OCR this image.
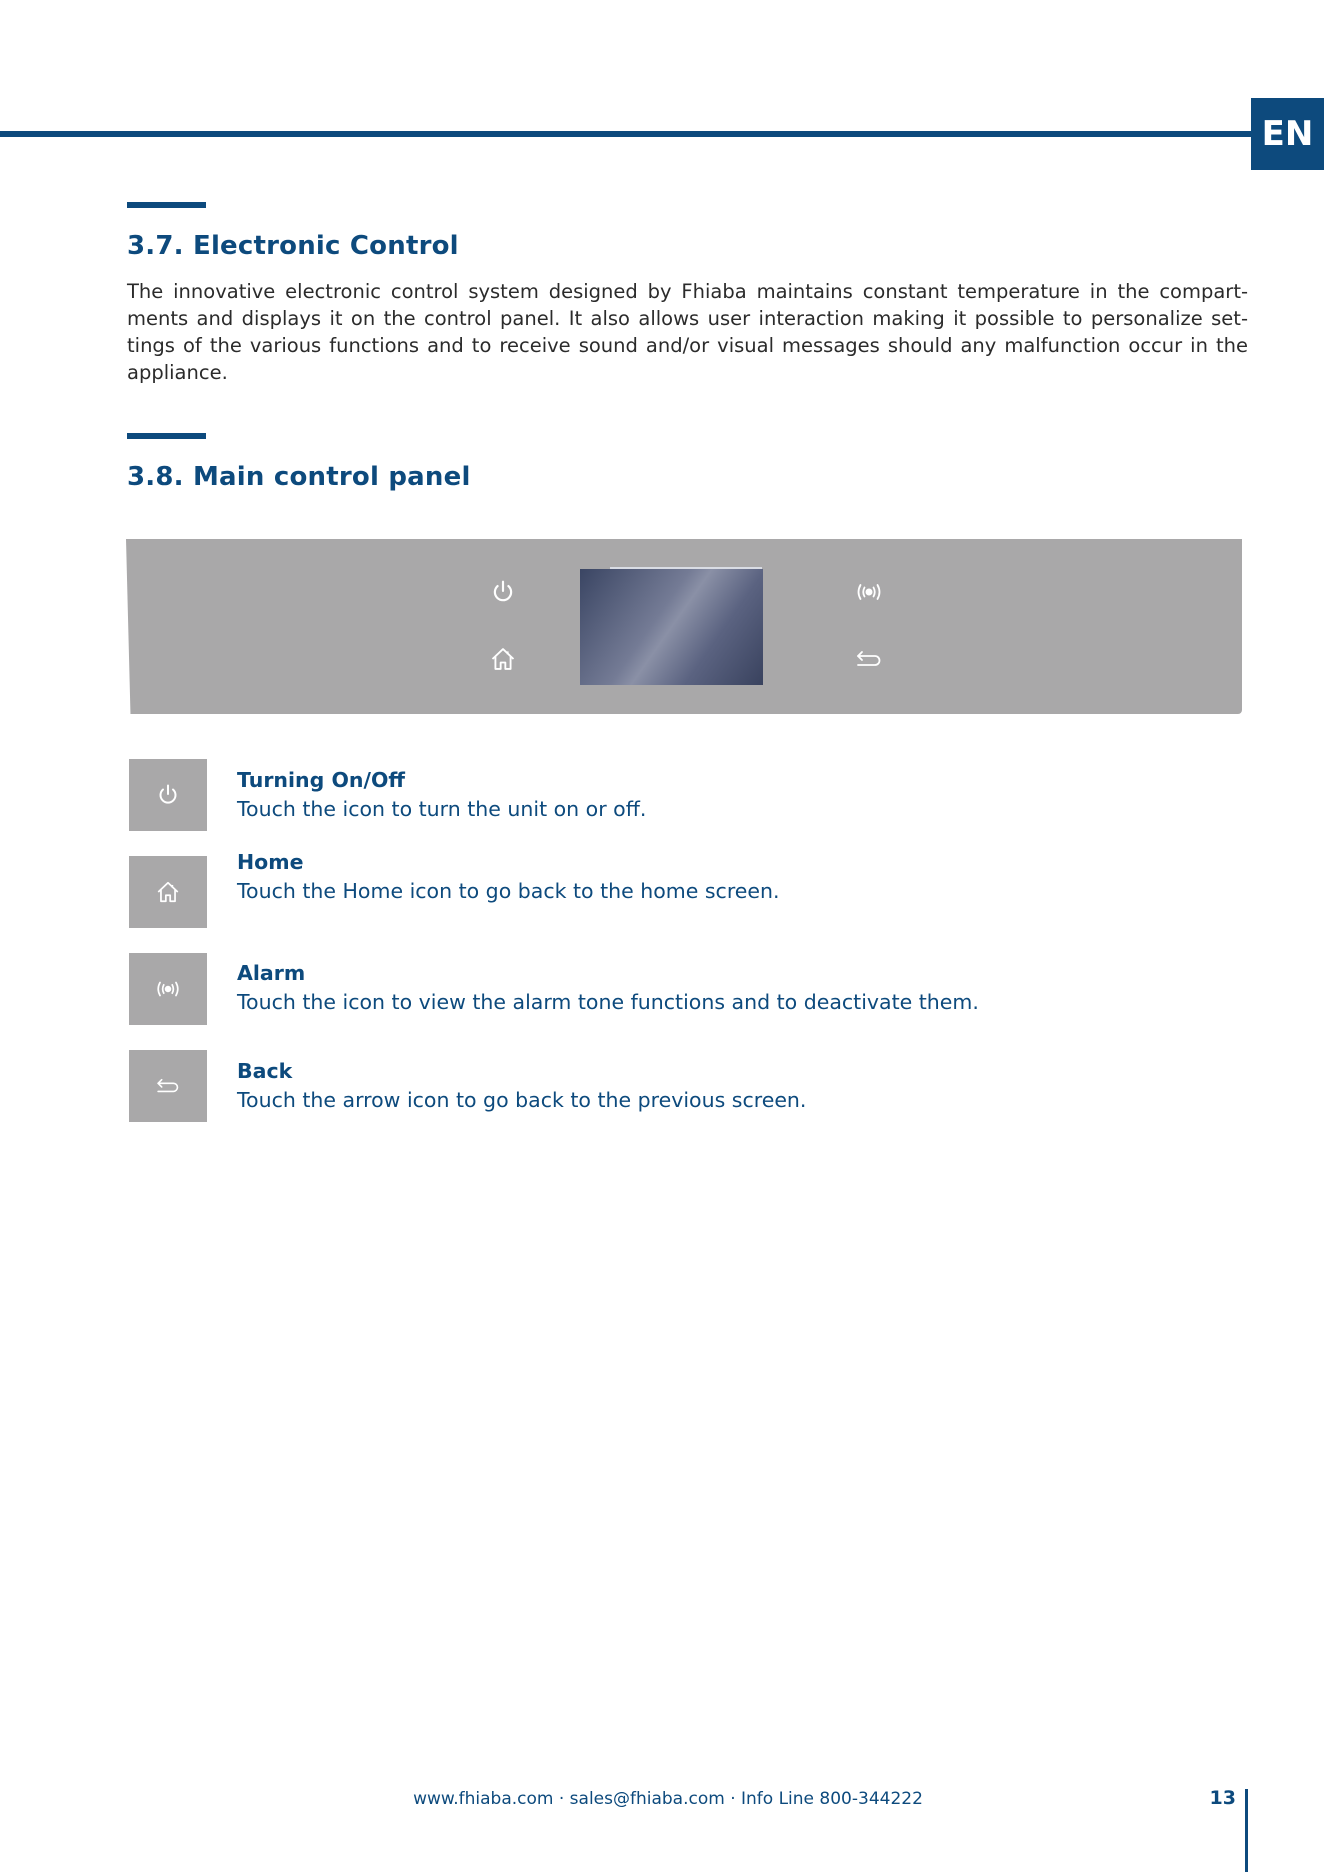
EN
3.7. Electronic Control

The innovative electronic control system designed by Fhiaba maintains constant temperature in the compart-ments and displays it on the control panel. It also allows user interaction making it possible to personalize set-tings of the various functions and to receive sound and/or visual messages should any malfunction occur in the appliance.

3.8. Main control panel

Turning On/Off

Touch the icon to turn the unit on or off.

Home

Touch the Home icon to go back to the home screen.

Alarm

Touch the icon to view the alarm tone functions and to deactivate them.

Back

Touch the arrow icon to go back to the previous screen.

www.fhiaba.com · sales@fhiaba.com · Info Line 800-344222	13
